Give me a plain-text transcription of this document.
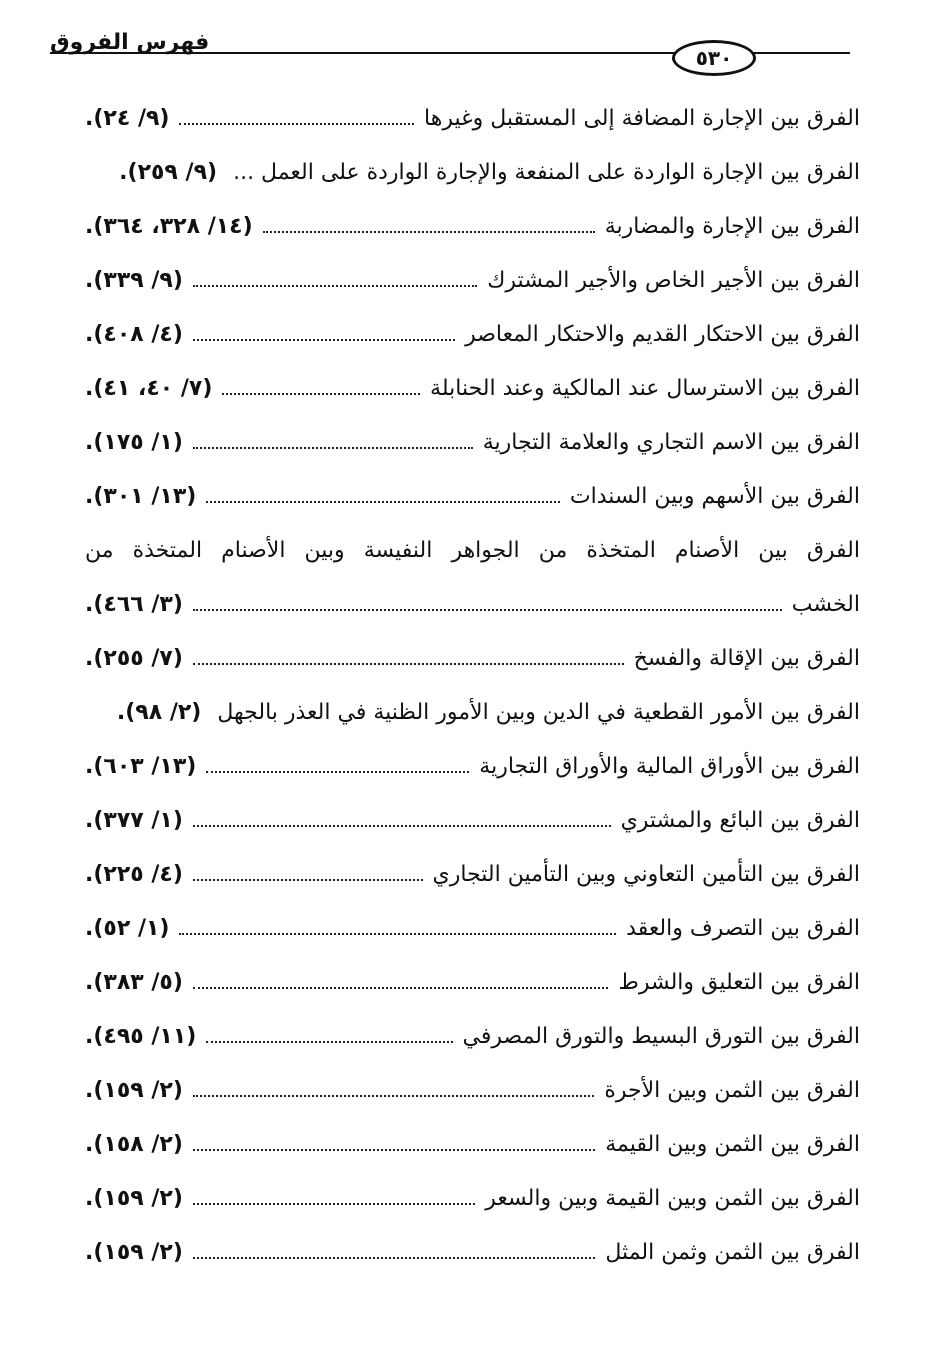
فهرس الفروق
٥٣٠
الفرق بين الإجارة المضافة إلى المستقبل وغيرها
(٩/ ٢٤).
الفرق بين الإجارة الواردة على المنفعة والإجارة الواردة على العمل ...
(٩/ ٢٥٩).
الفرق بين الإجارة والمضاربة
(١٤/ ٣٢٨، ٣٦٤).
الفرق بين الأجير الخاص والأجير المشترك
(٩/ ٣٣٩).
الفرق بين الاحتكار القديم والاحتكار المعاصر
(٤/ ٤٠٨).
الفرق بين الاسترسال عند المالكية وعند الحنابلة
(٧/ ٤٠، ٤١).
الفرق بين الاسم التجاري والعلامة التجارية
(١/ ١٧٥).
الفرق بين الأسهم وبين السندات
(١٣/ ٣٠١).
الفرق بين الأصنام المتخذة من الجواهر النفيسة وبين الأصنام المتخذة من
الخشب
(٣/ ٤٦٦).
الفرق بين الإقالة والفسخ
(٧/ ٢٥٥).
الفرق بين الأمور القطعية في الدين وبين الأمور الظنية في العذر بالجهل
(٢/ ٩٨).
الفرق بين الأوراق المالية والأوراق التجارية
(١٣/ ٦٠٣).
الفرق بين البائع والمشتري
(١/ ٣٧٧).
الفرق بين التأمين التعاوني وبين التأمين التجاري
(٤/ ٢٢٥).
الفرق بين التصرف والعقد
(١/ ٥٢).
الفرق بين التعليق والشرط
(٥/ ٣٨٣).
الفرق بين التورق البسيط والتورق المصرفي
(١١/ ٤٩٥).
الفرق بين الثمن وبين الأجرة
(٢/ ١٥٩).
الفرق بين الثمن وبين القيمة
(٢/ ١٥٨).
الفرق بين الثمن وبين القيمة وبين والسعر
(٢/ ١٥٩).
الفرق بين الثمن وثمن المثل
(٢/ ١٥٩).
